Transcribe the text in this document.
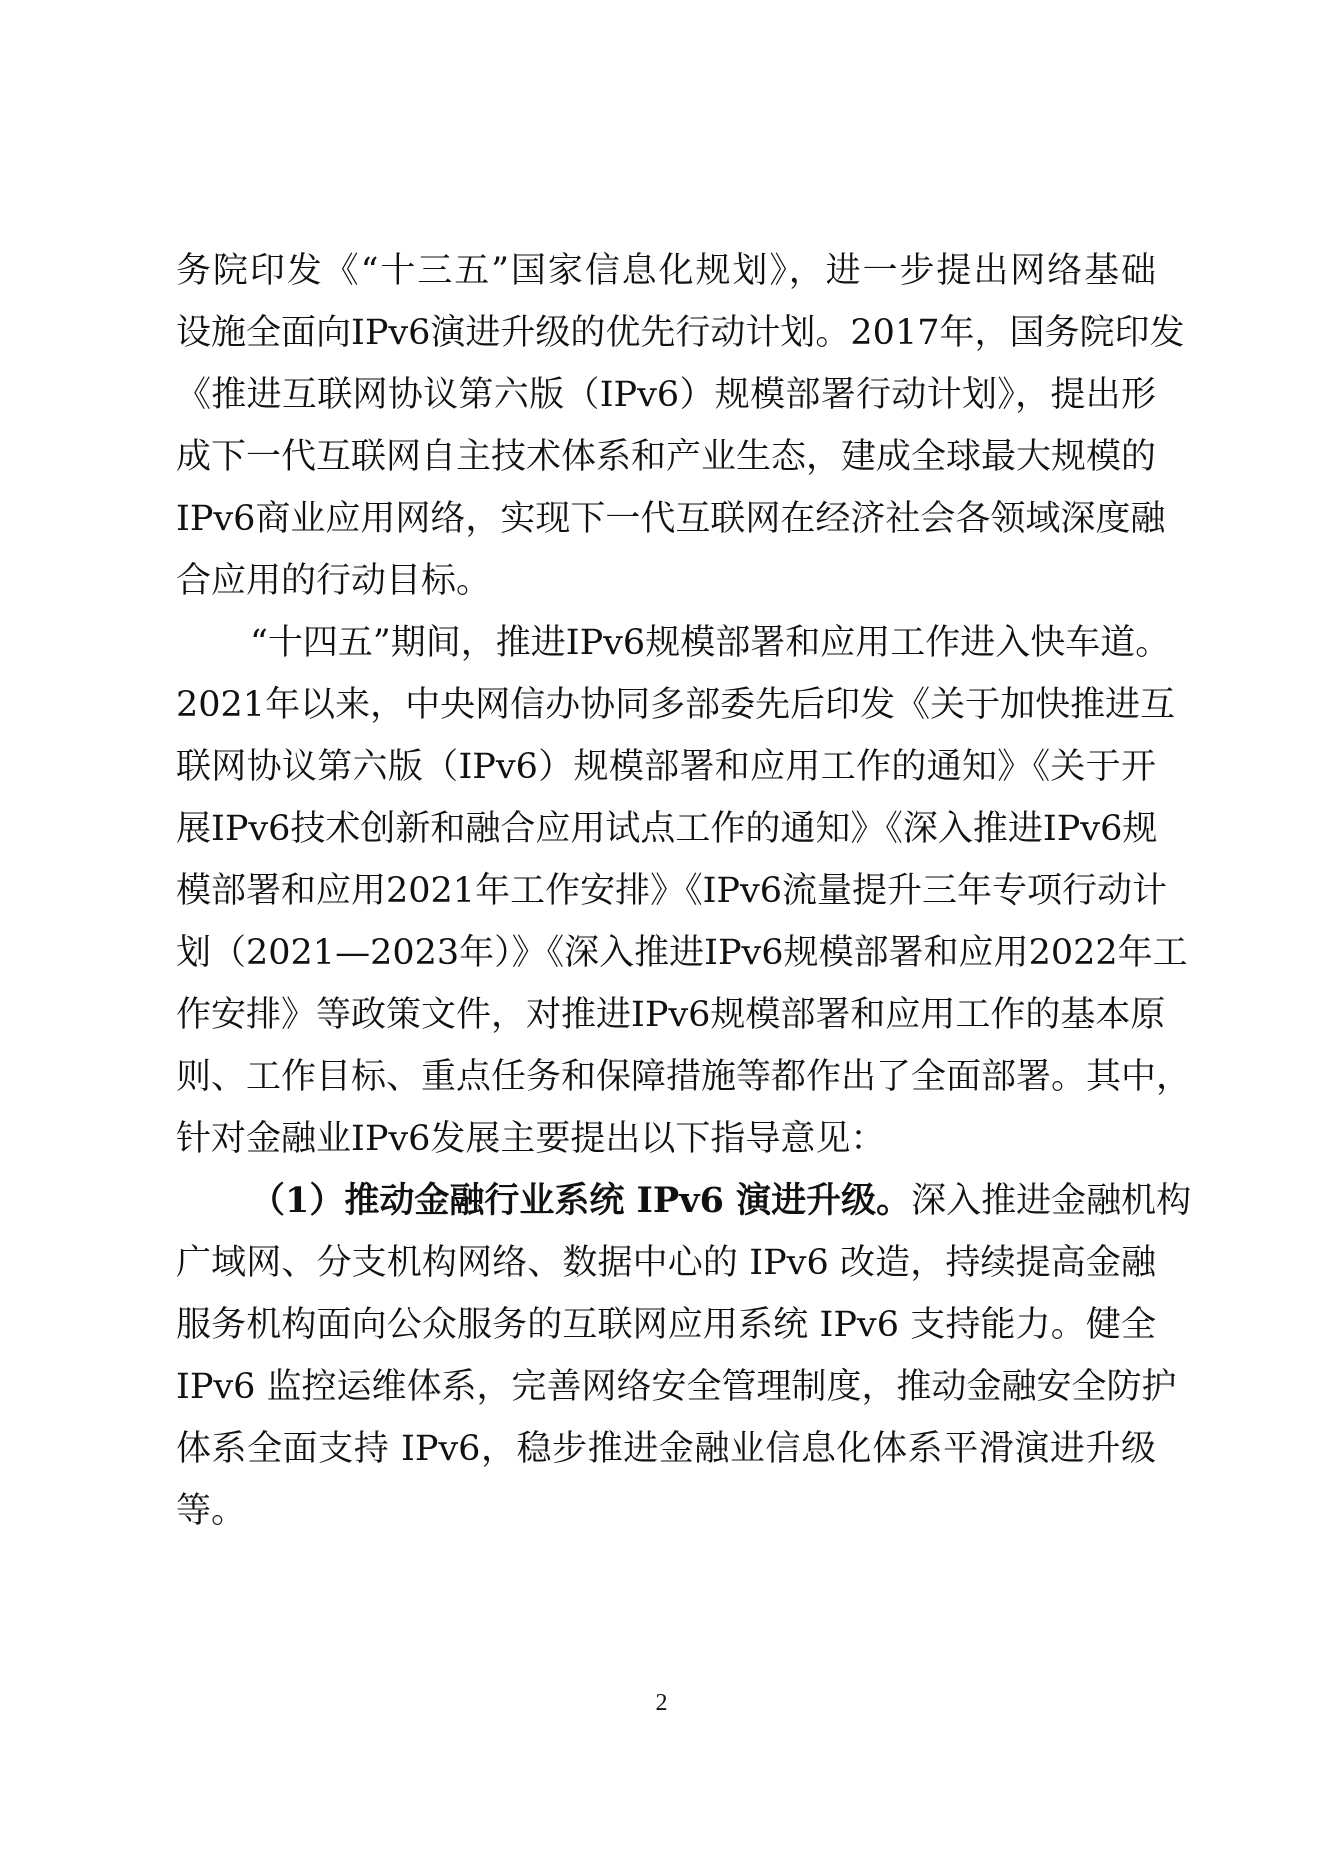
务院印发《“十三五”国家信息化规划》，进一步提出网络基础
设施全面向IPv6演进升级的优先行动计划。2017年，国务院印发
《推进互联网协议第六版（IPv6）规模部署行动计划》，提出形
成下一代互联网自主技术体系和产业生态，建成全球最大规模的
IPv6商业应用网络，实现下一代互联网在经济社会各领域深度融
合应用的行动目标。
“十四五”期间，推进IPv6规模部署和应用工作进入快车道。
2021年以来，中央网信办协同多部委先后印发《关于加快推进互
联网协议第六版（IPv6）规模部署和应用工作的通知》《关于开
展IPv6技术创新和融合应用试点工作的通知》《深入推进IPv6规
模部署和应用2021年工作安排》《IPv6流量提升三年专项行动计
划（2021—2023年）》《深入推进IPv6规模部署和应用2022年工
作安排》等政策文件，对推进IPv6规模部署和应用工作的基本原
则、工作目标、重点任务和保障措施等都作出了全面部署。其中，
针对金融业IPv6发展主要提出以下指导意见：
（1）推动金融行业系统 IPv6 演进升级。深入推进金融机构
广域网、分支机构网络、数据中心的 IPv6 改造，持续提高金融
服务机构面向公众服务的互联网应用系统 IPv6 支持能力。健全
IPv6 监控运维体系，完善网络安全管理制度，推动金融安全防护
体系全面支持 IPv6，稳步推进金融业信息化体系平滑演进升级
等。
2
